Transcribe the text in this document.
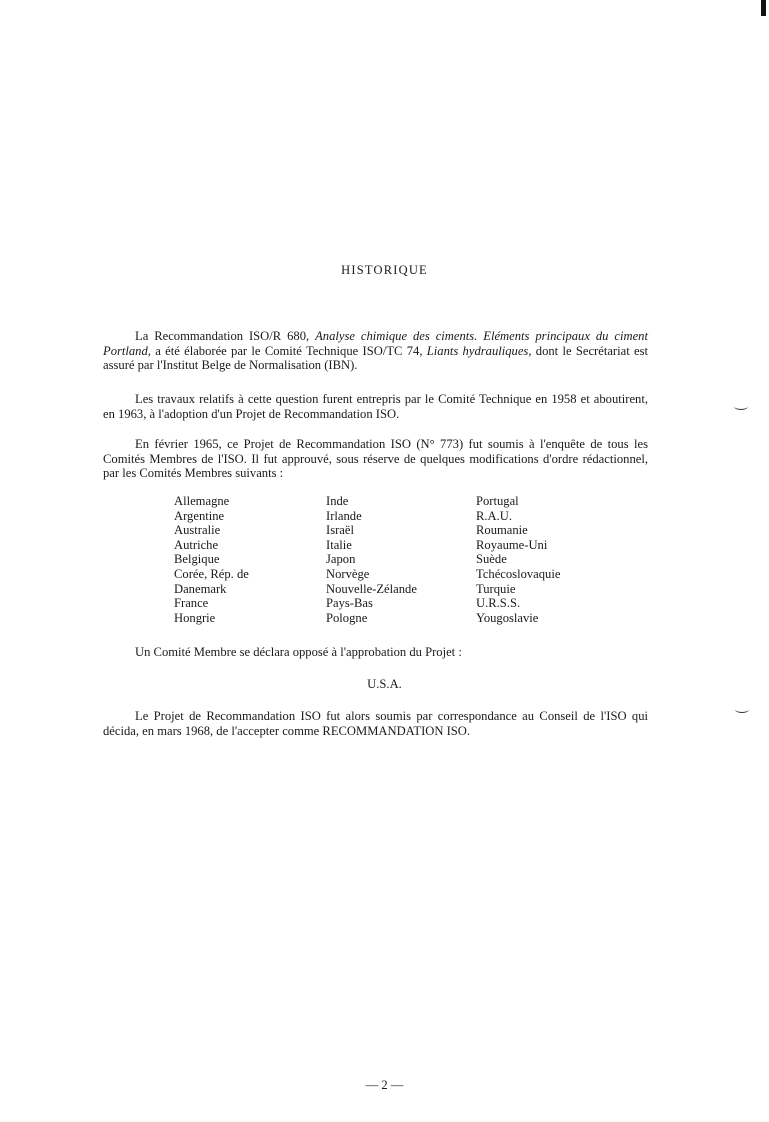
HISTORIQUE

La Recommandation ISO/R 680, Analyse chimique des ciments. Eléments principaux du ciment Portland, a été élaborée par le Comité Technique ISO/TC 74, Liants hydrauliques, dont le Secrétariat est assuré par l'Institut Belge de Normalisation (IBN).

Les travaux relatifs à cette question furent entrepris par le Comité Technique en 1958 et aboutirent, en 1963, à l'adoption d'un Projet de Recommandation ISO.

En février 1965, ce Projet de Recommandation ISO (N° 773) fut soumis à l'enquête de tous les Comités Membres de l'ISO. Il fut approuvé, sous réserve de quelques modifications d'ordre rédactionnel, par les Comités Membres suivants :

Allemagne
Argentine
Australie
Autriche
Belgique
Corée, Rép. de
Danemark
France
Hongrie
Inde
Irlande
Israël
Italie
Japon
Norvège
Nouvelle-Zélande
Pays-Bas
Pologne
Portugal
R.A.U.
Roumanie
Royaume-Uni
Suède
Tchécoslovaquie
Turquie
U.R.S.S.
Yougoslavie

Un Comité Membre se déclara opposé à l'approbation du Projet :

U.S.A.

Le Projet de Recommandation ISO fut alors soumis par correspondance au Conseil de l'ISO qui décida, en mars 1968, de l'accepter comme RECOMMANDATION ISO.

— 2 —
